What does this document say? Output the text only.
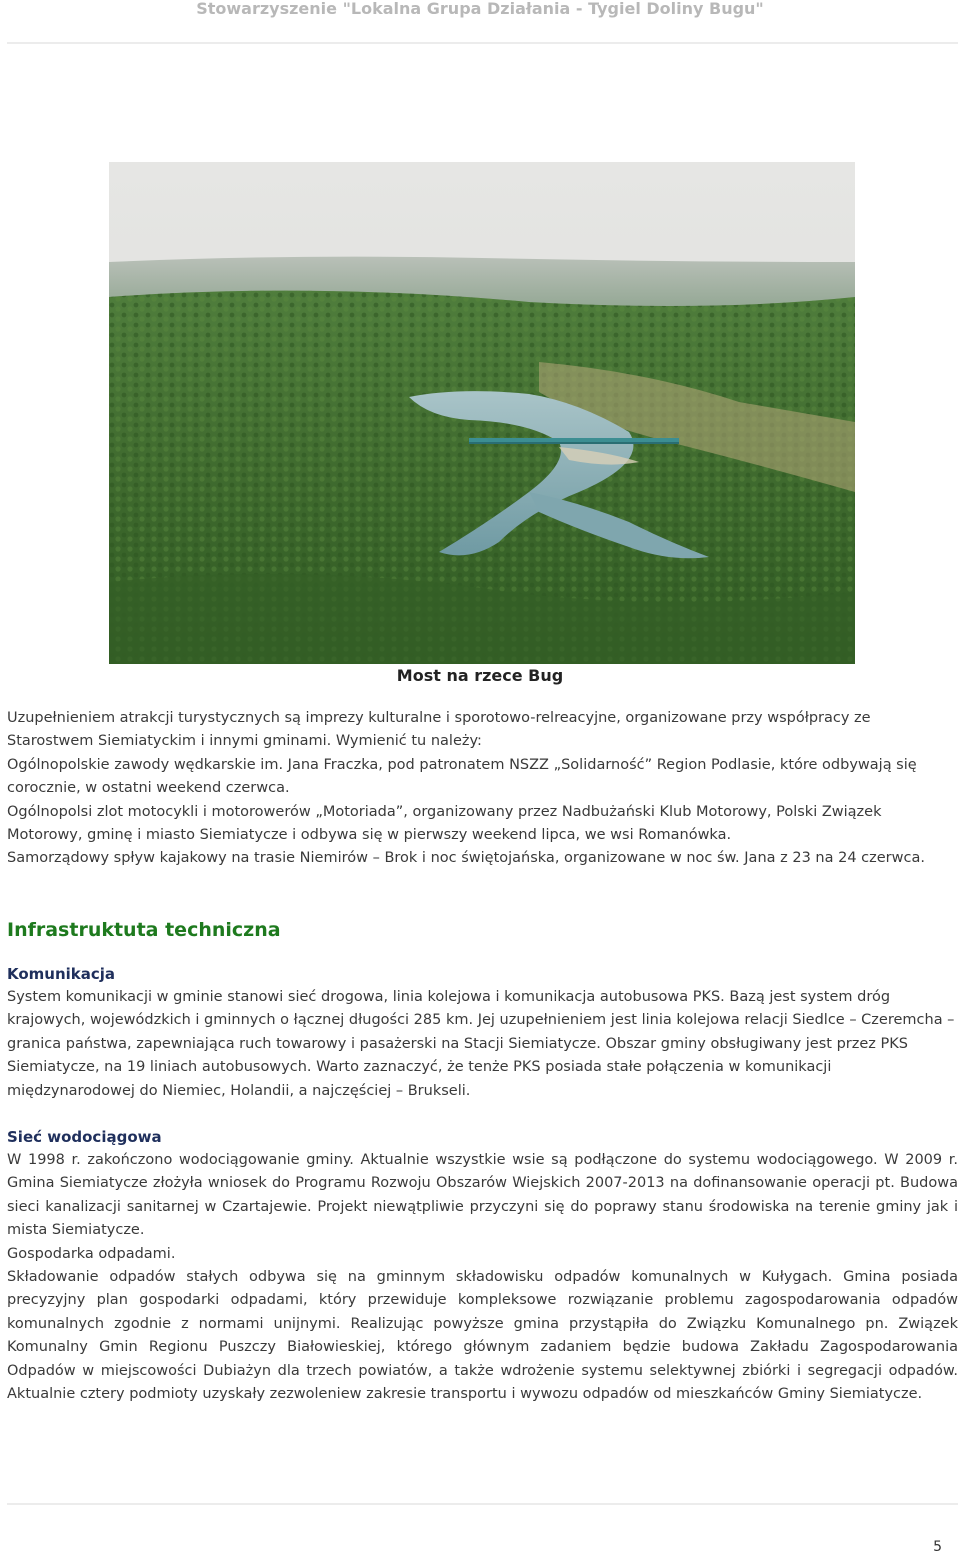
Stowarzyszenie "Lokalna Grupa Działania - Tygiel Doliny Bugu"
Most na rzece Bug

Uzupełnieniem atrakcji turystycznych są imprezy kulturalne i sporotowo-relreacyjne, organizowane przy współpracy ze Starostwem Siemiatyckim i innymi gminami. Wymienić tu należy:

Ogólnopolskie zawody wędkarskie im. Jana Fraczka, pod patronatem NSZZ „Solidarność” Region Podlasie, które odbywają się corocznie, w ostatni weekend czerwca.

Ogólnopolsi zlot motocykli i motorowerów „Motoriada”, organizowany przez Nadbużański Klub Motorowy, Polski Związek Motorowy, gminę i miasto Siemiatycze i odbywa się w pierwszy weekend lipca, we wsi Romanówka.

Samorządowy spływ kajakowy na trasie Niemirów – Brok i noc świętojańska, organizowane w noc św. Jana z 23 na 24 czerwca.

Infrastruktuta techniczna

Komunikacja

System komunikacji w gminie stanowi sieć drogowa, linia kolejowa i komunikacja autobusowa PKS. Bazą jest system dróg krajowych, wojewódzkich i gminnych o łącznej długości 285 km. Jej uzupełnieniem jest linia kolejowa relacji Siedlce – Czeremcha – granica państwa, zapewniająca ruch towarowy i pasażerski na Stacji Siemiatycze. Obszar gminy obsługiwany jest przez PKS Siemiatycze, na 19 liniach autobusowych. Warto zaznaczyć, że tenże PKS posiada stałe połączenia w komunikacji międzynarodowej do Niemiec, Holandii, a najczęściej – Brukseli.

Sieć wodociągowa

W 1998 r. zakończono wodociągowanie gminy. Aktualnie wszystkie wsie są podłączone do systemu wodociągowego. W 2009 r. Gmina Siemiatycze złożyła wniosek do Programu Rozwoju Obszarów Wiejskich 2007-2013 na dofinansowanie operacji pt. Budowa sieci kanalizacji sanitarnej w Czartajewie. Projekt niewątpliwie przyczyni się do poprawy stanu środowiska na terenie gminy jak i mista Siemiatycze.

Gospodarka odpadami.

Składowanie odpadów stałych odbywa się na gminnym składowisku odpadów komunalnych w Kułygach. Gmina posiada precyzyjny plan gospodarki odpadami, który przewiduje kompleksowe rozwiązanie problemu zagospodarowania odpadów komunalnych zgodnie z normami unijnymi. Realizując powyższe gmina przystąpiła do Związku Komunalnego pn. Związek Komunalny Gmin Regionu Puszczy Białowieskiej, którego głównym zadaniem będzie budowa Zakładu Zagospodarowania Odpadów w miejscowości Dubiażyn dla trzech powiatów, a także wdrożenie systemu selektywnej zbiórki i segregacji odpadów. Aktualnie cztery podmioty uzyskały zezwoleniew zakresie transportu i wywozu odpadów od mieszkańców Gminy Siemiatycze.

5
